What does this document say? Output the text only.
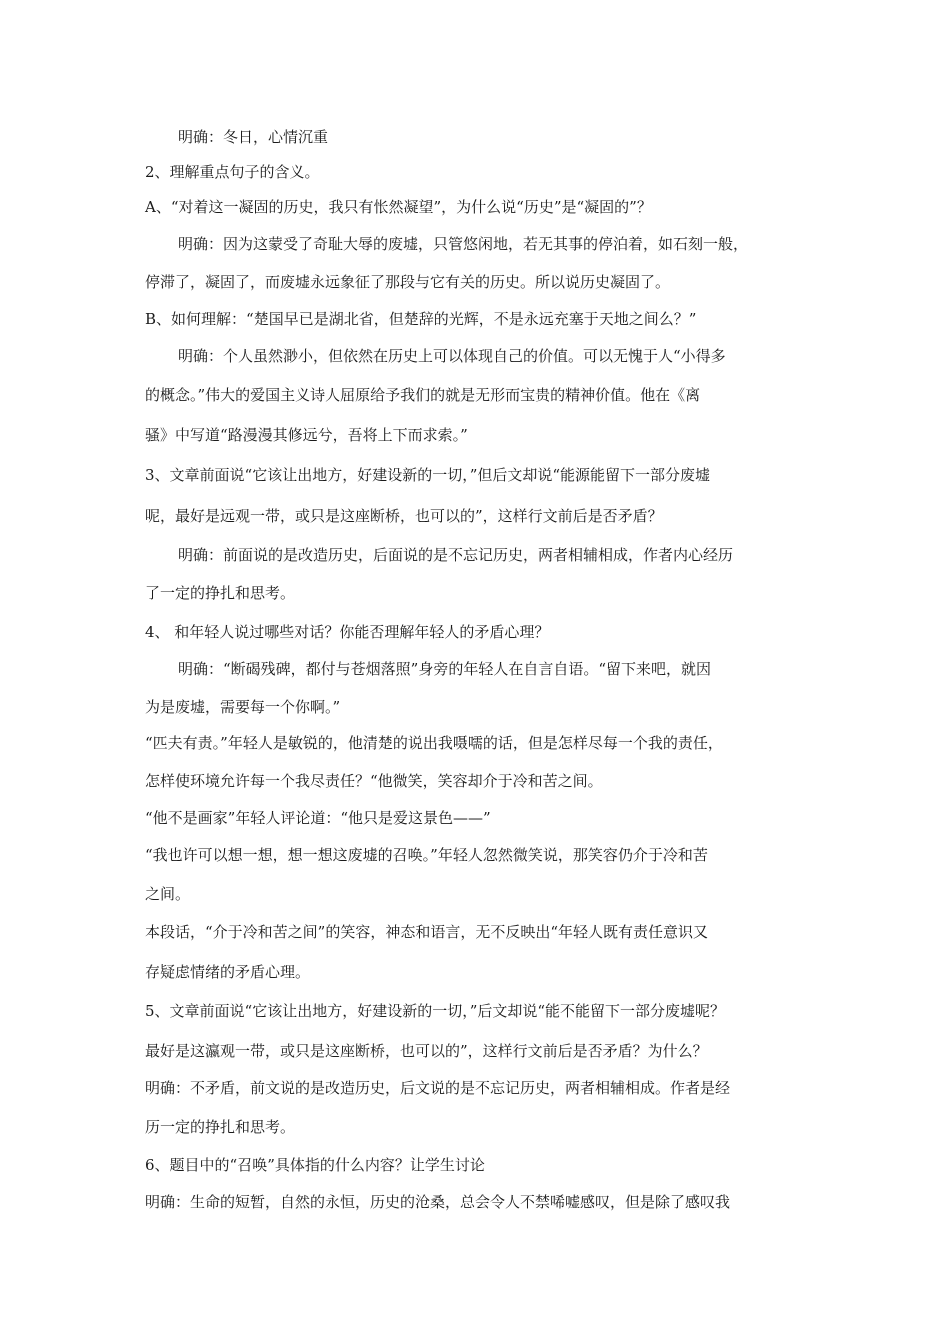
明确：冬日，心情沉重
2、理解重点句子的含义。
A、“对着这一凝固的历史，我只有怅然凝望”，为什么说“历史”是“凝固的”？
明确：因为这蒙受了奇耻大辱的废墟，只管悠闲地，若无其事的停泊着，如石刻一般，
停滞了，凝固了，而废墟永远象征了那段与它有关的历史。所以说历史凝固了。
B、如何理解：“楚国早已是湖北省，但楚辞的光辉，不是永远充塞于天地之间么？”
明确：个人虽然渺小，但依然在历史上可以体现自己的价值。可以无愧于人“小得多
的概念。”伟大的爱国主义诗人屈原给予我们的就是无形而宝贵的精神价值。他在《离
骚》中写道“路漫漫其修远兮，吾将上下而求索。”
3、文章前面说“它该让出地方，好建设新的一切，”但后文却说“能源能留下一部分废墟
呢，最好是远观一带，或只是这座断桥，也可以的”，这样行文前后是否矛盾？
明确：前面说的是改造历史，后面说的是不忘记历史，两者相辅相成，作者内心经历
了一定的挣扎和思考。
4、 和年轻人说过哪些对话？你能否理解年轻人的矛盾心理？
明确：“断碣残碑，都付与苍烟落照”身旁的年轻人在自言自语。“留下来吧，就因
为是废墟，需要每一个你啊。”
“匹夫有责。”年轻人是敏锐的，他清楚的说出我嗫嚅的话，但是怎样尽每一个我的责任，
怎样使环境允许每一个我尽责任？“他微笑，笑容却介于冷和苦之间。
“他不是画家”年轻人评论道：“他只是爱这景色——”
“我也许可以想一想，想一想这废墟的召唤。”年轻人忽然微笑说，那笑容仍介于冷和苦
之间。
本段话，“介于冷和苦之间”的笑容，神态和语言，无不反映出“年轻人既有责任意识又
存疑虑情绪的矛盾心理。
5、文章前面说“它该让出地方，好建设新的一切，”后文却说“能不能留下一部分废墟呢？
最好是这瀛观一带，或只是这座断桥，也可以的”，这样行文前后是否矛盾？为什么？
明确：不矛盾，前文说的是改造历史，后文说的是不忘记历史，两者相辅相成。作者是经
历一定的挣扎和思考。
6、题目中的“召唤”具体指的什么内容？让学生讨论
明确：生命的短暂，自然的永恒，历史的沧桑，总会令人不禁唏嘘感叹，但是除了感叹我
